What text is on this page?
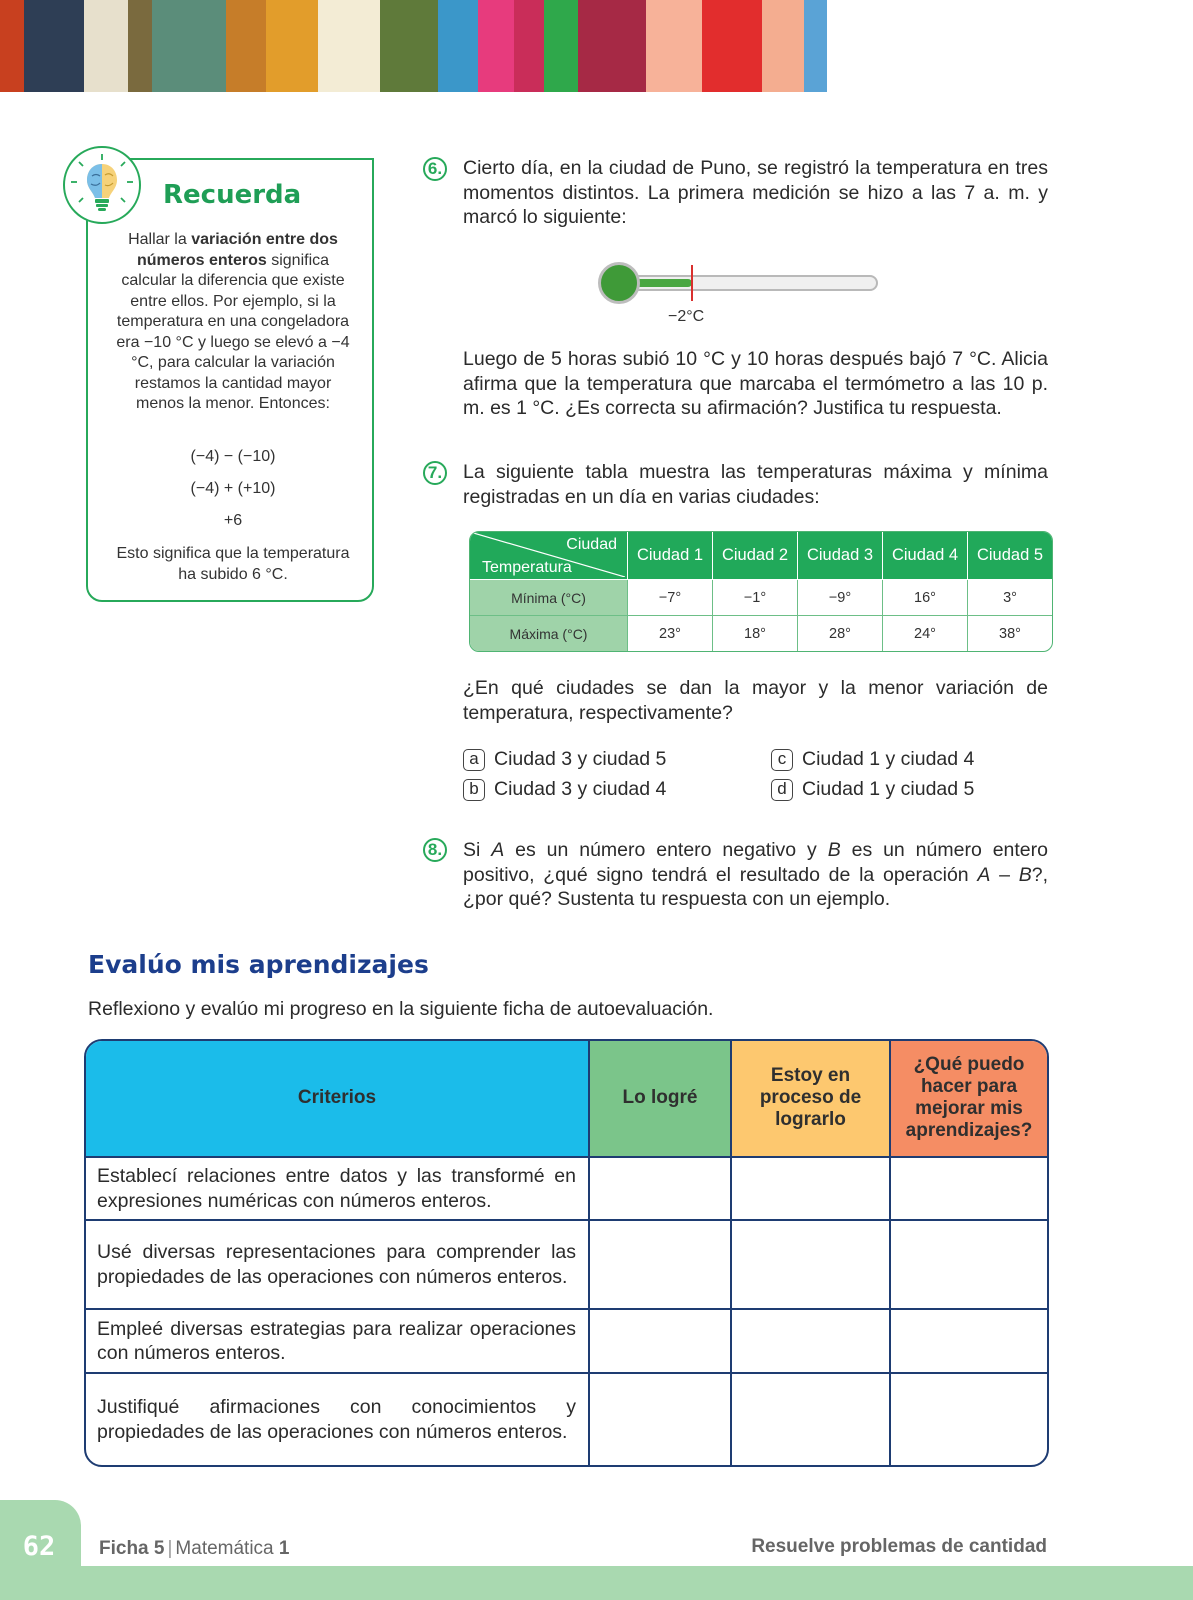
Recuerda
Hallar la variación entre dos números enteros significa calcular la diferencia que existe entre ellos. Por ejemplo, si la temperatura en una congeladora era −10 °C y luego se elevó a −4 °C, para calcular la variación restamos la cantidad mayor menos la menor. Entonces:
(−4) − (−10)
(−4) + (+10)
+6
Esto significa que la temperatura ha subido 6 °C.
6. Cierto día, en la ciudad de Puno, se registró la temperatura en tres momentos distintos. La primera medición se hizo a las 7 a. m. y marcó lo siguiente:
−2°C
Luego de 5 horas subió 10 °C y 10 horas después bajó 7 °C. Alicia afirma que la temperatura que marcaba el termómetro a las 10 p. m. es 1 °C. ¿Es correcta su afirmación? Justifica tu respuesta.
7. La siguiente tabla muestra las temperaturas máxima y mínima registradas en un día en varias ciudades:
Ciudad
Temperatura	Ciudad 1	Ciudad 2	Ciudad 3	Ciudad 4	Ciudad 5
Mínima (°C)	−7°	−1°	−9°	16°	3°
Máxima (°C)	23°	18°	28°	24°	38°
¿En qué ciudades se dan la mayor y la menor variación de temperatura, respectivamente?
a Ciudad 3 y ciudad 5
b Ciudad 3 y ciudad 4
c Ciudad 1 y ciudad 4
d Ciudad 1 y ciudad 5
8. Si A es un número entero negativo y B es un número entero positivo, ¿qué signo tendrá el resultado de la operación A – B?, ¿por qué? Sustenta tu respuesta con un ejemplo.
Evalúo mis aprendizajes
Reflexiono y evalúo mi progreso en la siguiente ficha de autoevaluación.
Criterios	Lo logré	Estoy en proceso de lograrlo	¿Qué puedo hacer para mejorar mis aprendizajes?
Establecí relaciones entre datos y las transformé en expresiones numéricas con números enteros.			
Usé diversas representaciones para comprender las propiedades de las operaciones con números enteros.			
Empleé diversas estrategias para realizar operaciones con números enteros.			
Justifiqué afirmaciones con conocimientos y propiedades de las operaciones con números enteros.			
62	Ficha 5 | Matemática 1	Resuelve problemas de cantidad
